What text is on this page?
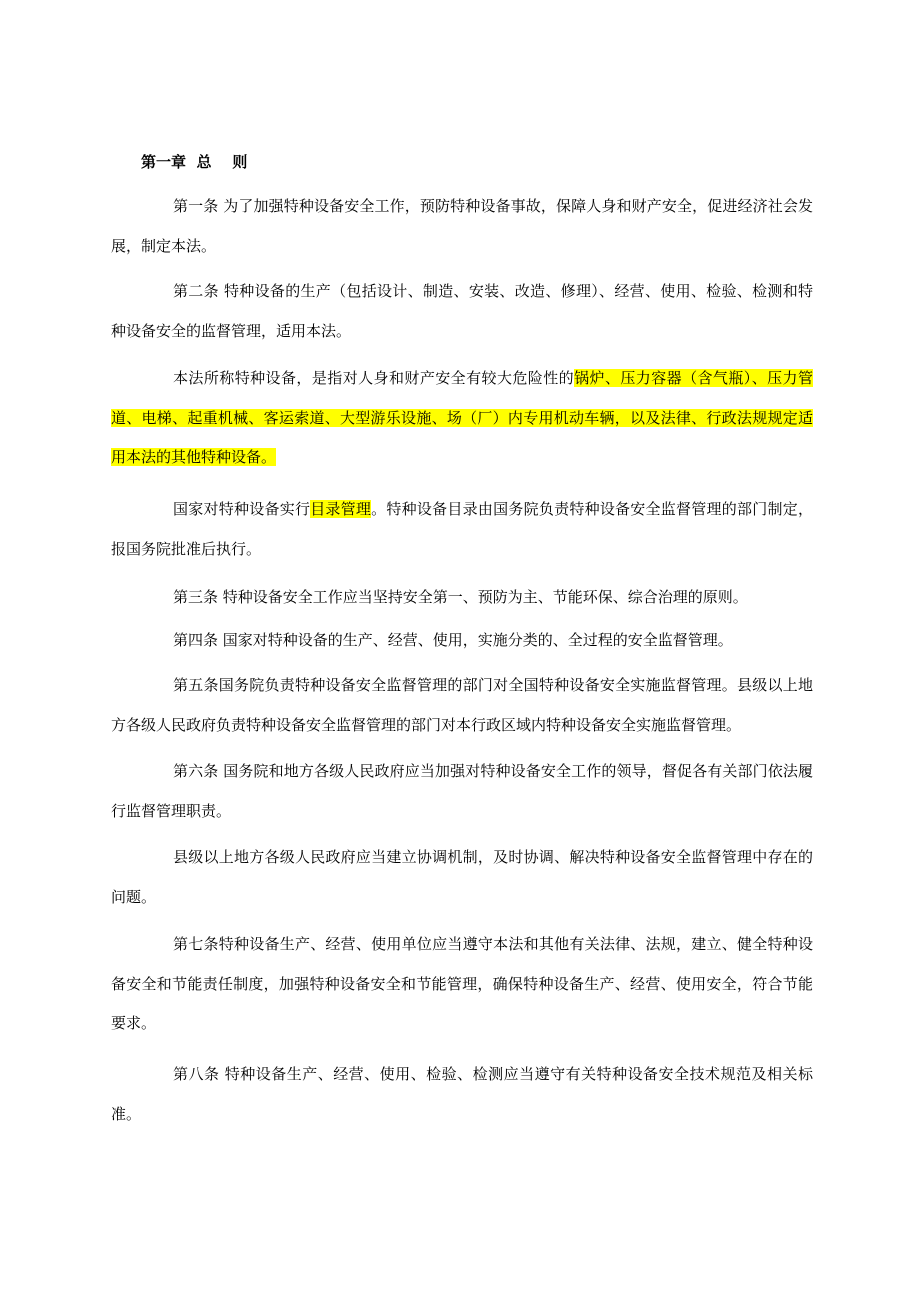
第一章  总    则

第一条 为了加强特种设备安全工作，预防特种设备事故，保障人身和财产安全，促进经济社会发展，制定本法。

第二条 特种设备的生产（包括设计、制造、安装、改造、修理）、经营、使用、检验、检测和特种设备安全的监督管理，适用本法。

本法所称特种设备，是指对人身和财产安全有较大危险性的锅炉、压力容器（含气瓶）、压力管道、电梯、起重机械、客运索道、大型游乐设施、场（厂）内专用机动车辆，以及法律、行政法规规定适用本法的其他特种设备。

国家对特种设备实行目录管理。特种设备目录由国务院负责特种设备安全监督管理的部门制定，报国务院批准后执行。

第三条 特种设备安全工作应当坚持安全第一、预防为主、节能环保、综合治理的原则。

第四条 国家对特种设备的生产、经营、使用，实施分类的、全过程的安全监督管理。

第五条国务院负责特种设备安全监督管理的部门对全国特种设备安全实施监督管理。县级以上地方各级人民政府负责特种设备安全监督管理的部门对本行政区域内特种设备安全实施监督管理。

第六条 国务院和地方各级人民政府应当加强对特种设备安全工作的领导，督促各有关部门依法履行监督管理职责。

县级以上地方各级人民政府应当建立协调机制，及时协调、解决特种设备安全监督管理中存在的问题。

第七条特种设备生产、经营、使用单位应当遵守本法和其他有关法律、法规，建立、健全特种设备安全和节能责任制度，加强特种设备安全和节能管理，确保特种设备生产、经营、使用安全，符合节能要求。

第八条 特种设备生产、经营、使用、检验、检测应当遵守有关特种设备安全技术规范及相关标准。
